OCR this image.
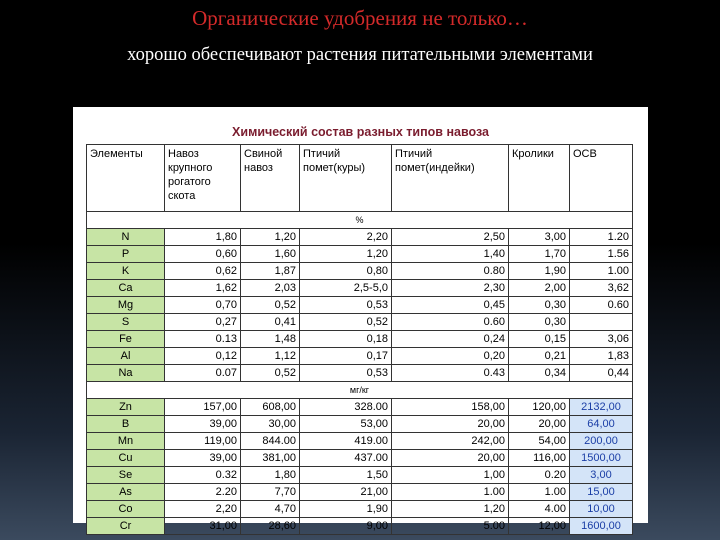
Органические удобрения не только…
хорошо обеспечивают растения питательными элементами
Химический состав разных типов навоза
Элементы	Навоз крупного рогатого скота	Свиной навоз	Птичий помет(куры)	Птичий помет(индейки)	Кролики	ОСВ
%						
N	1,80	1,20	2,20	2,50	3,00	1.20
P	0,60	1,60	1,20	1,40	1,70	1.56
K	0,62	1,87	0,80	0.80	1,90	1.00
Ca	1,62	2,03	2,5-5,0	2,30	2,00	3,62
Mg	0,70	0,52	0,53	0,45	0,30	0.60
S	0,27	0,41	0,52	0.60	0,30	
Fe	0.13	1,48	0,18	0,24	0,15	3,06
Al	0,12	1,12	0,17	0,20	0,21	1,83
Na	0.07	0,52	0,53	0.43	0,34	0,44
мг/кг						
Zn	157,00	608,00	328.00	158,00	120,00	2132,00
B	39,00	30,00	53,00	20,00	20,00	64,00
Mn	119,00	844.00	419.00	242,00	54,00	200,00
Cu	39,00	381,00	437.00	20,00	116,00	1500,00
Se	0.32	1,80	1,50	1,00	0.20	3,00
As	2.20	7,70	21,00	1.00	1.00	15,00
Co	2,20	4,70	1,90	1,20	4.00	10,00
Cr	31,00	28,60	9,00	5.00	12,00	1600,00
